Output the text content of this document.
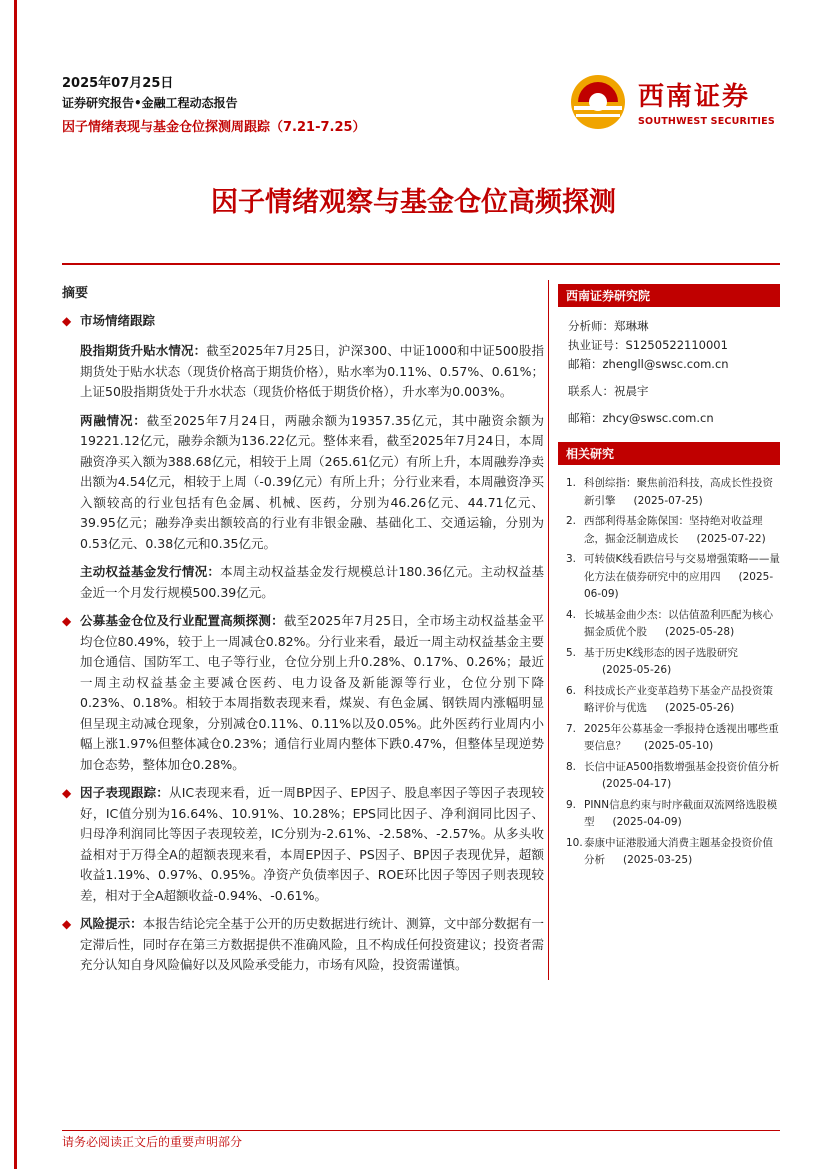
2025年07月25日
证券研究报告•金融工程动态报告
因子情绪表现与基金仓位探测周跟踪（7.21-7.25）
西南证券
SOUTHWEST SECURITIES
因子情绪观察与基金仓位高频探测

摘要

◆ 市场情绪跟踪

股指期货升贴水情况：截至2025年7月25日，沪深300、中证1000和中证500股指期货处于贴水状态（现货价格高于期货价格），贴水率为0.11%、0.57%、0.61%；上证50股指期货处于升水状态（现货价格低于期货价格），升水率为0.003%。

两融情况：截至2025年7月24日，两融余额为19357.35亿元，其中融资余额为19221.12亿元，融券余额为136.22亿元。整体来看，截至2025年7月24日，本周融资净买入额为388.68亿元，相较于上周（265.61亿元）有所上升，本周融券净卖出额为4.54亿元，相较于上周（-0.39亿元）有所上升；分行业来看，本周融资净买入额较高的行业包括有色金属、机械、医药，分别为46.26亿元、44.71亿元、39.95亿元；融券净卖出额较高的行业有非银金融、基础化工、交通运输，分别为0.53亿元、0.38亿元和0.35亿元。

主动权益基金发行情况：本周主动权益基金发行规模总计180.36亿元。主动权益基金近一个月发行规模500.39亿元。

◆ 公募基金仓位及行业配置高频探测：截至2025年7月25日，全市场主动权益基金平均仓位80.49%，较于上一周减仓0.82%。分行业来看，最近一周主动权益基金主要加仓通信、国防军工、电子等行业，仓位分别上升0.28%、0.17%、0.26%；最近一周主动权益基金主要减仓医药、电力设备及新能源等行业，仓位分别下降0.23%、0.18%。相较于本周指数表现来看，煤炭、有色金属、钢铁周内涨幅明显但呈现主动减仓现象，分别减仓0.11%、0.11%以及0.05%。此外医药行业周内小幅上涨1.97%但整体减仓0.23%；通信行业周内整体下跌0.47%，但整体呈现逆势加仓态势，整体加仓0.28%。

◆ 因子表现跟踪：从IC表现来看，近一周BP因子、EP因子、股息率因子等因子表现较好，IC值分别为16.64%、10.91%、10.28%；EPS同比因子、净利润同比因子、归母净利润同比等因子表现较差，IC分别为-2.61%、-2.58%、-2.57%。从多头收益相对于万得全A的超额表现来看，本周EP因子、PS因子、BP因子表现优异，超额收益1.19%、0.97%、0.95%。净资产负债率因子、ROE环比因子等因子则表现较差，相对于全A超额收益-0.94%、-0.61%。

◆ 风险提示：本报告结论完全基于公开的历史数据进行统计、测算，文中部分数据有一定滞后性，同时存在第三方数据提供不准确风险，且不构成任何投资建议；投资者需充分认知自身风险偏好以及风险承受能力，市场有风险，投资需谨慎。

西南证券研究院
分析师：郑琳琳
执业证号：S1250522110001
邮箱：zhengll@swsc.com.cn
联系人：祝晨宇
邮箱：zhcy@swsc.com.cn
相关研究
1. 科创综指：聚焦前沿科技，高成长性投资新引擎 (2025-07-25)
2. 西部利得基金陈保国：坚持绝对收益理念，掘金泛制造成长 (2025-07-22)
3. 可转债K线看跌信号与交易增强策略——量化方法在债券研究中的应用四 (2025-06-09)
4. 长城基金曲少杰：以估值盈利匹配为核心掘金质优个股 (2025-05-28)
5. 基于历史K线形态的因子选股研究(2025-05-26)
6. 科技成长产业变革趋势下基金产品投资策略评价与优选 (2025-05-26)
7. 2025年公募基金一季报持仓透视出哪些重要信息？ (2025-05-10)
8. 长信中证A500指数增强基金投资价值分析(2025-04-17)
9. PINN信息约束与时序截面双流网络选股模型 (2025-04-09)
10. 泰康中证港股通大消费主题基金投资价值分析 (2025-03-25)
请务必阅读正文后的重要声明部分
